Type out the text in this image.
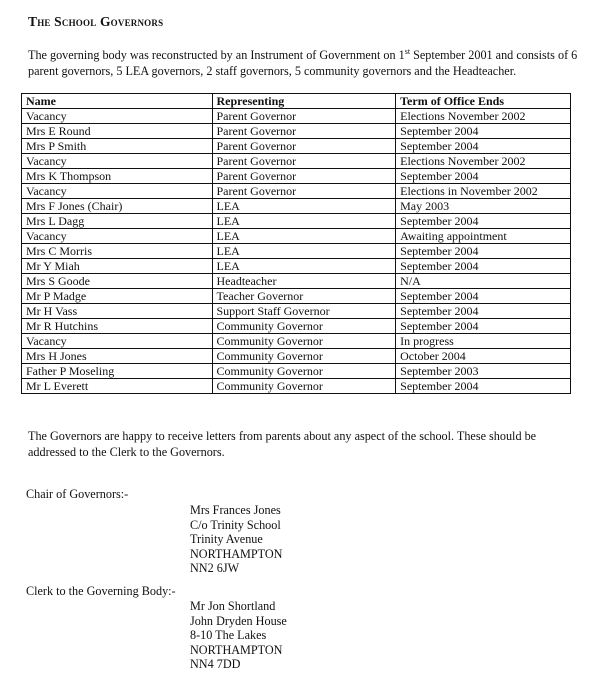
The School Governors
The governing body was reconstructed by an Instrument of Government on 1st September 2001 and consists of 6 parent governors, 5 LEA governors, 2 staff governors, 5 community governors and the Headteacher.
Name	Representing	Term of Office Ends
Vacancy	Parent Governor	Elections November 2002
Mrs E Round	Parent Governor	September 2004
Mrs P Smith	Parent Governor	September 2004
Vacancy	Parent Governor	Elections November 2002
Mrs K Thompson	Parent Governor	September 2004
Vacancy	Parent Governor	Elections in November 2002
Mrs F Jones (Chair)	LEA	May 2003
Mrs L Dagg	LEA	September 2004
Vacancy	LEA	Awaiting appointment
Mrs C Morris	LEA	September 2004
Mr Y Miah	LEA	September 2004
Mrs S Goode	Headteacher	N/A
Mr P Madge	Teacher Governor	September 2004
Mr H Vass	Support Staff Governor	September 2004
Mr R Hutchins	Community Governor	September 2004
Vacancy	Community Governor	In progress
Mrs H Jones	Community Governor	October 2004
Father P Moseling	Community Governor	September 2003
Mr L Everett	Community Governor	September 2004
The Governors are happy to receive letters from parents about any aspect of the school. These should be addressed to the Clerk to the Governors.
Chair of Governors:-
Mrs Frances Jones
C/o Trinity School
Trinity Avenue
NORTHAMPTON
NN2 6JW
Clerk to the Governing Body:-
Mr Jon Shortland
John Dryden House
8-10 The Lakes
NORTHAMPTON
NN4 7DD
